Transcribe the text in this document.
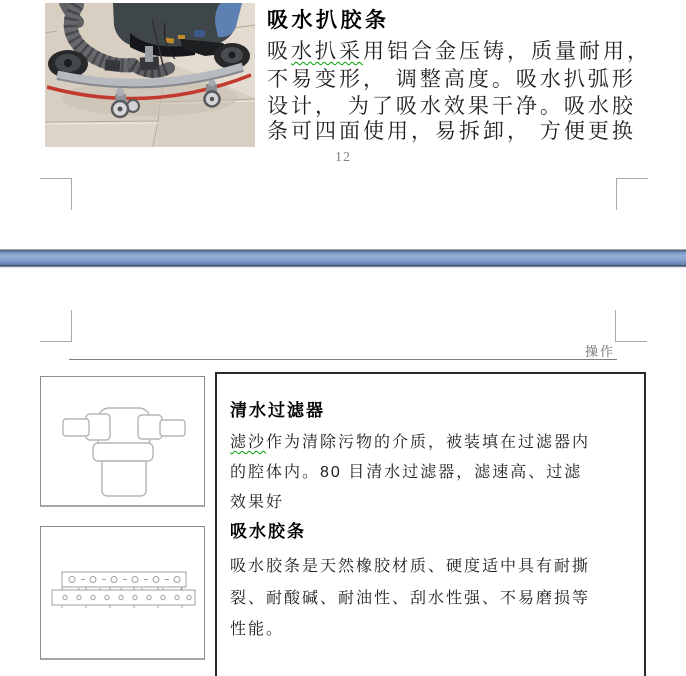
吸水扒胶条
吸水扒采用铝合金压铸，质量耐用，
不易变形， 调整高度。吸水扒弧形
设计， 为了吸水效果干净。吸水胶
条可四面使用，易拆卸， 方便更换
12
操作
清水过滤器
滤沙作为清除污物的介质，被装填在过滤器内
的腔体内。80 目清水过滤器，滤速高、过滤
效果好
吸水胶条
吸水胶条是天然橡胶材质、硬度适中具有耐撕
裂、耐酸碱、耐油性、刮水性强、不易磨损等
性能。
